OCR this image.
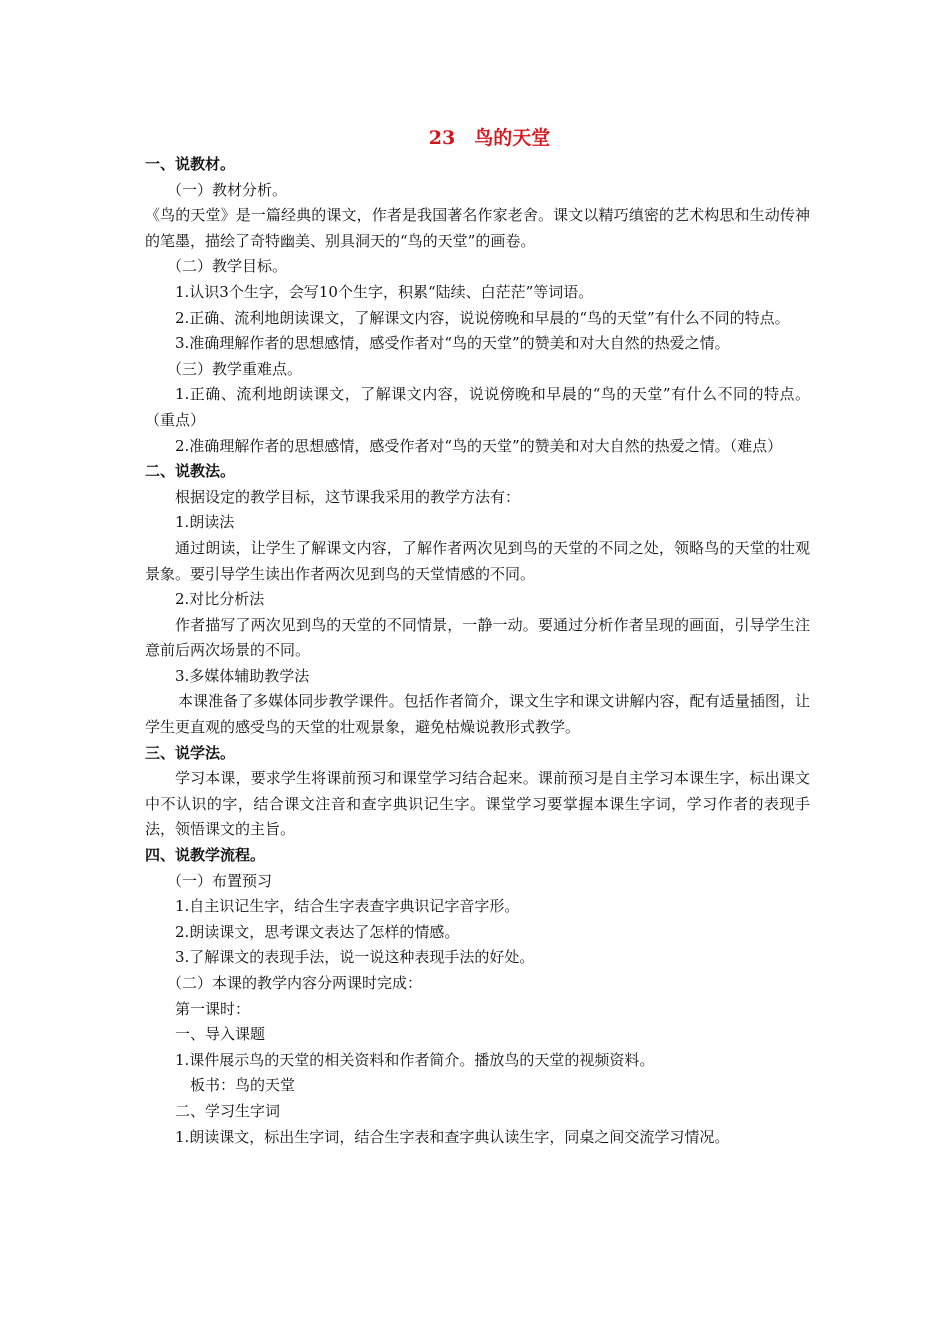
23　鸟的天堂

一、说教材。

（一）教材分析。

《鸟的天堂》是一篇经典的课文，作者是我国著名作家老舍。课文以精巧缜密的艺术构思和生动传神的笔墨，描绘了奇特幽美、别具洞天的“鸟的天堂”的画卷。

（二）教学目标。

1.认识3个生字，会写10个生字，积累“陆续、白茫茫”等词语。

2.正确、流利地朗读课文，了解课文内容，说说傍晚和早晨的“鸟的天堂”有什么不同的特点。

3.准确理解作者的思想感情，感受作者对“鸟的天堂”的赞美和对大自然的热爱之情。

（三）教学重难点。

1.正确、流利地朗读课文，了解课文内容，说说傍晚和早晨的“鸟的天堂”有什么不同的特点。（重点）

2.准确理解作者的思想感情，感受作者对“鸟的天堂”的赞美和对大自然的热爱之情。（难点）

二、说教法。

根据设定的教学目标，这节课我采用的教学方法有：

1.朗读法

通过朗读，让学生了解课文内容，了解作者两次见到鸟的天堂的不同之处，领略鸟的天堂的壮观景象。要引导学生读出作者两次见到鸟的天堂情感的不同。

2.对比分析法

作者描写了两次见到鸟的天堂的不同情景，一静一动。要通过分析作者呈现的画面，引导学生注意前后两次场景的不同。

3.多媒体辅助教学法

本课准备了多媒体同步教学课件。包括作者简介，课文生字和课文讲解内容，配有适量插图，让学生更直观的感受鸟的天堂的壮观景象，避免枯燥说教形式教学。

三、说学法。

学习本课，要求学生将课前预习和课堂学习结合起来。课前预习是自主学习本课生字，标出课文中不认识的字，结合课文注音和查字典识记生字。课堂学习要掌握本课生字词，学习作者的表现手法，领悟课文的主旨。

四、说教学流程。

（一）布置预习

1.自主识记生字，结合生字表查字典识记字音字形。

2.朗读课文，思考课文表达了怎样的情感。

3.了解课文的表现手法，说一说这种表现手法的好处。

（二）本课的教学内容分两课时完成：

第一课时：

一、导入课题

1.课件展示鸟的天堂的相关资料和作者简介。播放鸟的天堂的视频资料。

板书：鸟的天堂

二、学习生字词

1.朗读课文，标出生字词，结合生字表和查字典认读生字，同桌之间交流学习情况。
